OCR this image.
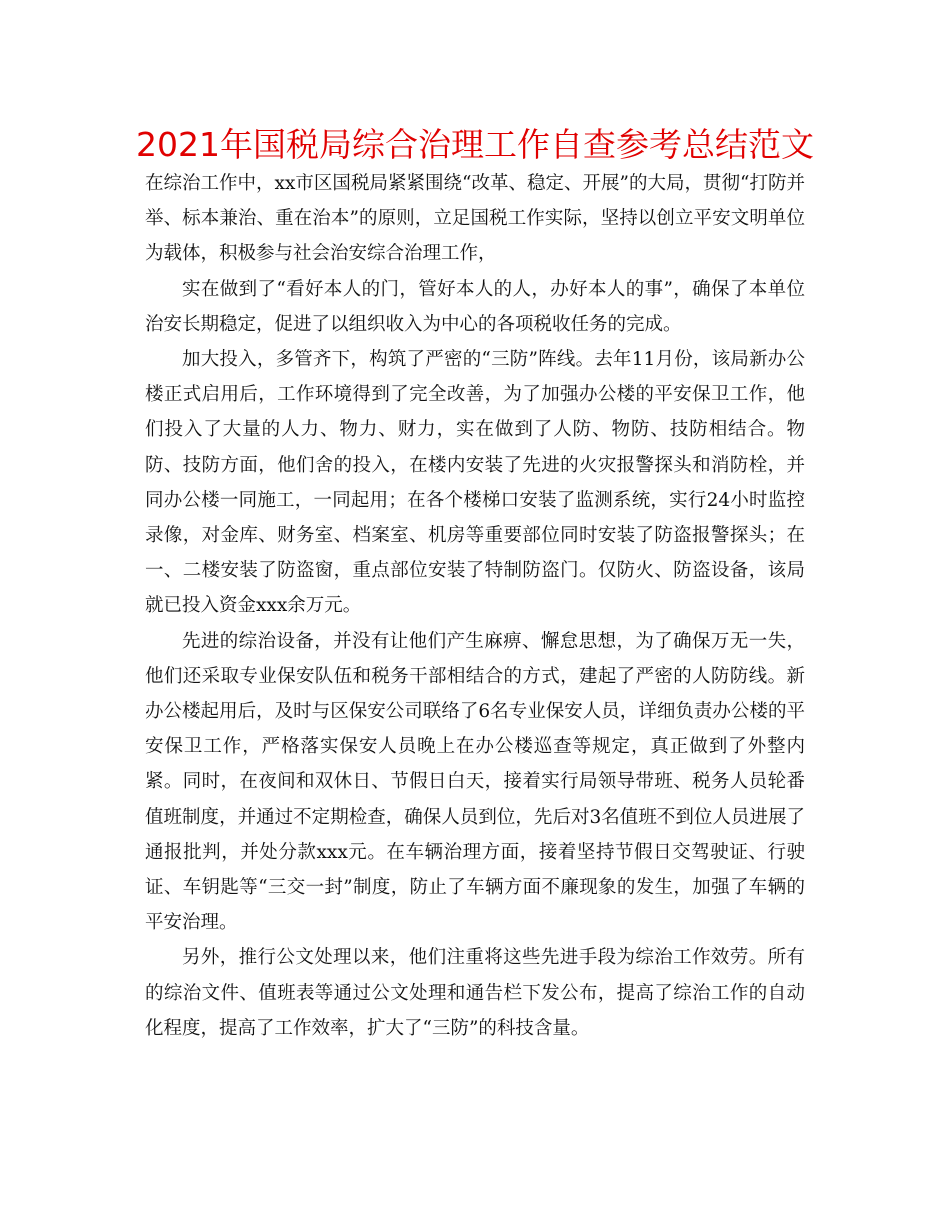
2021年国税局综合治理工作自查参考总结范文

在综治工作中，xx市区国税局紧紧围绕“改革、稳定、开展”的大局，贯彻“打防并举、标本兼治、重在治本”的原则，立足国税工作实际，坚持以创立平安文明单位为载体，积极参与社会治安综合治理工作，

实在做到了“看好本人的门，管好本人的人，办好本人的事”，确保了本单位治安长期稳定，促进了以组织收入为中心的各项税收任务的完成。

加大投入，多管齐下，构筑了严密的“三防”阵线。去年11月份，该局新办公楼正式启用后，工作环境得到了完全改善，为了加强办公楼的平安保卫工作，他们投入了大量的人力、物力、财力，实在做到了人防、物防、技防相结合。物防、技防方面，他们舍的投入，在楼内安装了先进的火灾报警探头和消防栓，并同办公楼一同施工，一同起用；在各个楼梯口安装了监测系统，实行24小时监控录像，对金库、财务室、档案室、机房等重要部位同时安装了防盗报警探头；在一、二楼安装了防盗窗，重点部位安装了特制防盗门。仅防火、防盗设备，该局就已投入资金xxx余万元。

先进的综治设备，并没有让他们产生麻痹、懈怠思想，为了确保万无一失，他们还采取专业保安队伍和税务干部相结合的方式，建起了严密的人防防线。新办公楼起用后，及时与区保安公司联络了6名专业保安人员，详细负责办公楼的平安保卫工作，严格落实保安人员晚上在办公楼巡查等规定，真正做到了外整内紧。同时，在夜间和双休日、节假日白天，接着实行局领导带班、税务人员轮番值班制度，并通过不定期检查，确保人员到位，先后对3名值班不到位人员进展了通报批判，并处分款xxx元。在车辆治理方面，接着坚持节假日交驾驶证、行驶证、车钥匙等“三交一封”制度，防止了车辆方面不廉现象的发生，加强了车辆的平安治理。

另外，推行公文处理以来，他们注重将这些先进手段为综治工作效劳。所有的综治文件、值班表等通过公文处理和通告栏下发公布，提高了综治工作的自动化程度，提高了工作效率，扩大了“三防”的科技含量。
